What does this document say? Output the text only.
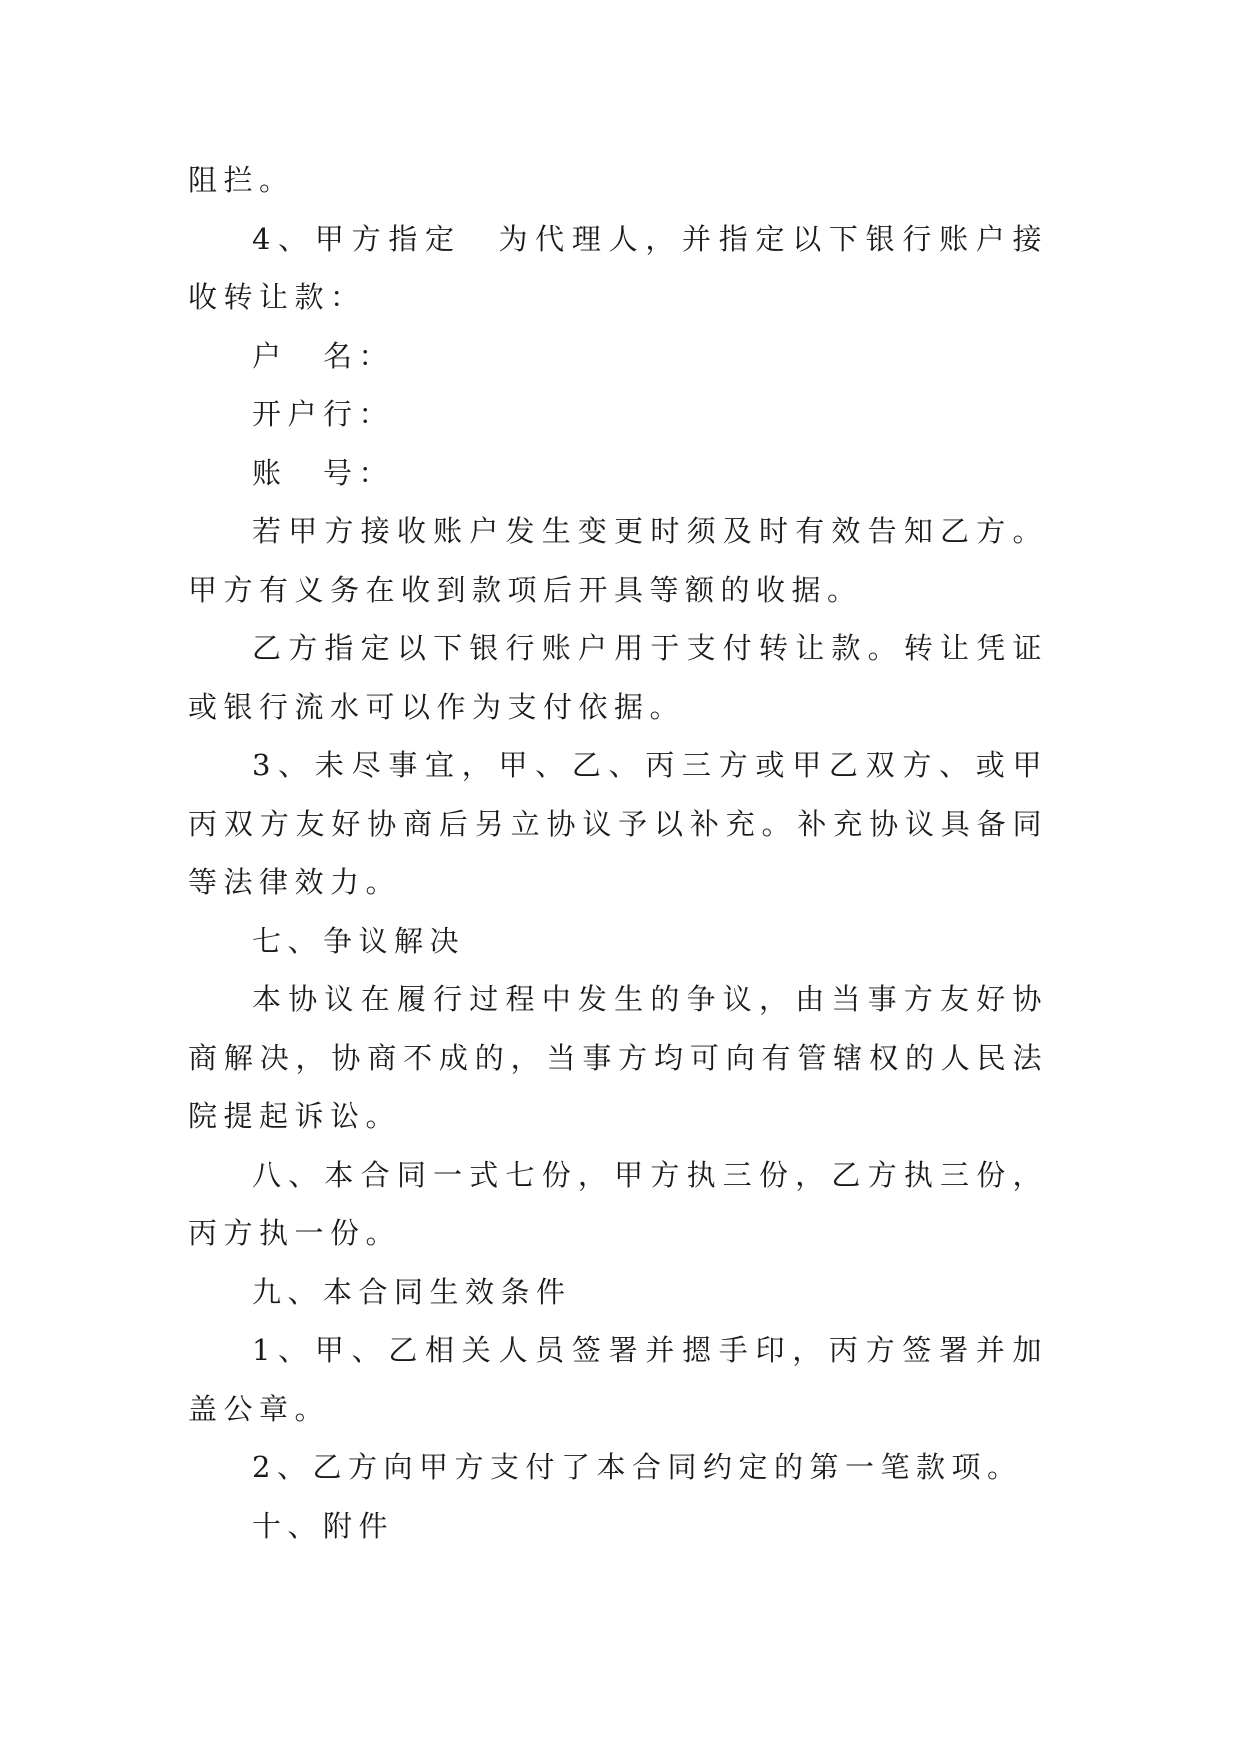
阻拦。

4、甲方指定　为代理人，并指定以下银行账户接收转让款：

户　名：

开户行：

账　号：

若甲方接收账户发生变更时须及时有效告知乙方。甲方有义务在收到款项后开具等额的收据。

乙方指定以下银行账户用于支付转让款。转让凭证或银行流水可以作为支付依据。

3、未尽事宜，甲、乙、丙三方或甲乙双方、或甲丙双方友好协商后另立协议予以补充。补充协议具备同等法律效力。

七、争议解决

本协议在履行过程中发生的争议，由当事方友好协商解决，协商不成的，当事方均可向有管辖权的人民法院提起诉讼。

八、本合同一式七份，甲方执三份，乙方执三份，丙方执一份。

九、本合同生效条件

1、甲、乙相关人员签署并摁手印，丙方签署并加盖公章。

2、乙方向甲方支付了本合同约定的第一笔款项。

十、附件
